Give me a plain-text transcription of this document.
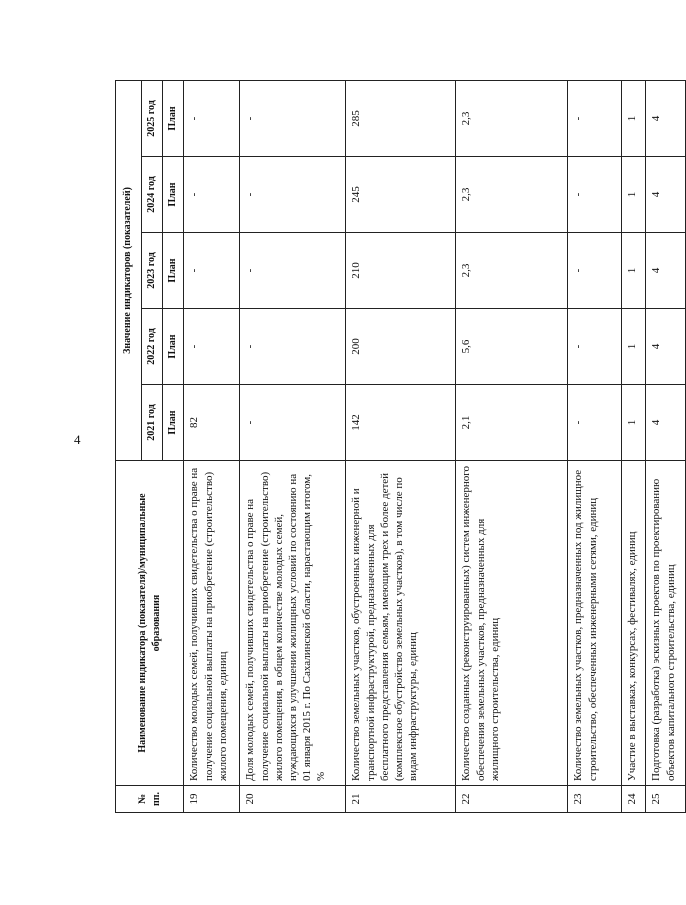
4
№ пп.	Наименование индикатора (показателя)/муниципальные образования	Значение индикаторов (показателей)				
		2021 год	2022 год	2023 год	2024 год	2025 год
		План	План	План	План	План
19	Количество молодых семей, получивших свидетельства о праве на получение социальной выплаты на приобретение (строительство) жилого помещения, единиц	82	-	-	-	-
20	Доля молодых семей, получивших свидетельства о праве на получение социальной выплаты на приобретение (строительство) жилого помещения, в общем количестве молодых семей, нуждающихся в улучшении жилищных условий по состоянию на 01 января 2015 г. По Сахалинской области, нарастающим итогом, %	-	-	-	-	-
21	Количество земельных участков, обустроенных инженерной и транспортной инфраструктурой, предназначенных для бесплатного представления семьям, имеющим трех и более детей (комплексное обустройство земельных участков), в том числе по видам инфраструктуры, единиц	142	200	210	245	285
22	Количество созданных (реконструированных) систем инженерного обеспечения земельных участков, предназначенных для жилищного строительства, единиц	2,1	5,6	2,3	2,3	2,3
23	Количество земельных участков, предназначенных под жилищное строительство, обеспеченных инженерными сетями, единиц	-	-	-	-	-
24	Участие в выставках, конкурсах, фестивалях, единиц	1	1	1	1	1
25	Подготовка (разработка) эскизных проектов по проектированию объектов капитального строительства, единиц	4	4	4	4	4
